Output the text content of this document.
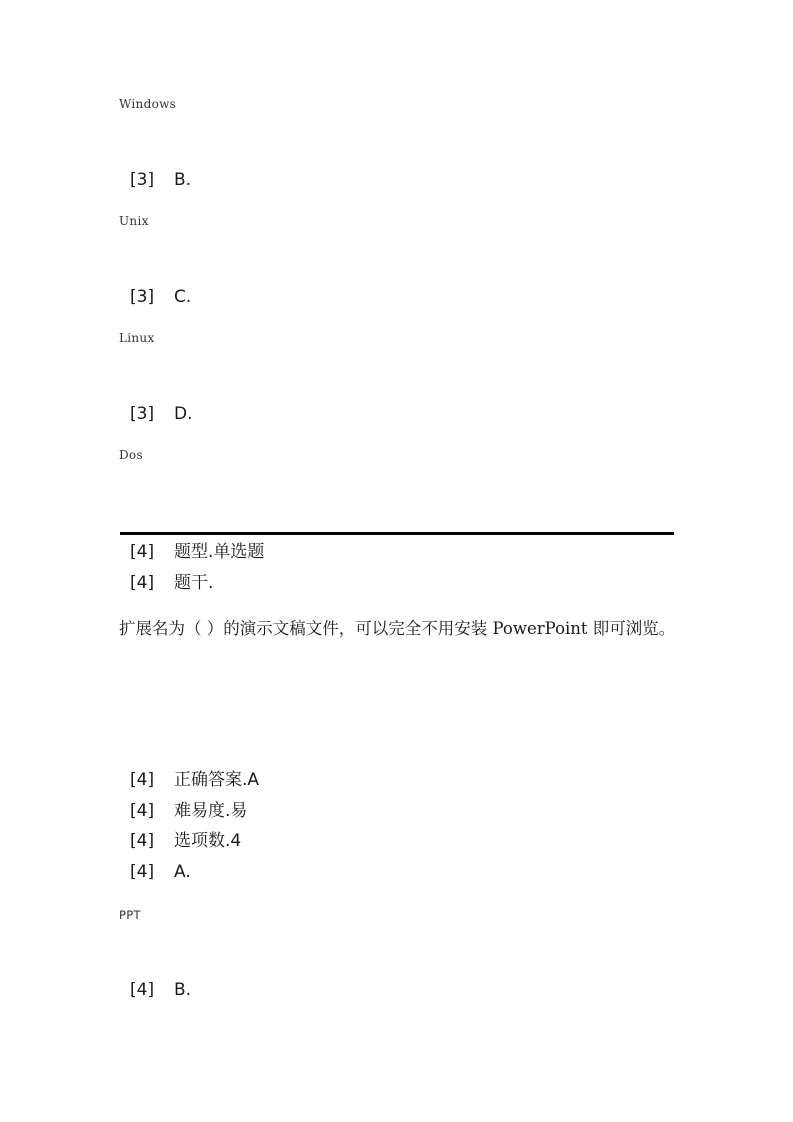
Windows
[3] B.
Unix
[3] C.
Linux
[3] D.
Dos
[4] 题型.单选题
[4] 题干.
扩展名为（ ）的演示文稿文件，可以完全不用安装 PowerPoint 即可浏览。
[4] 正确答案.A
[4] 难易度.易
[4] 选项数.4
[4] A.
PPT
[4] B.
